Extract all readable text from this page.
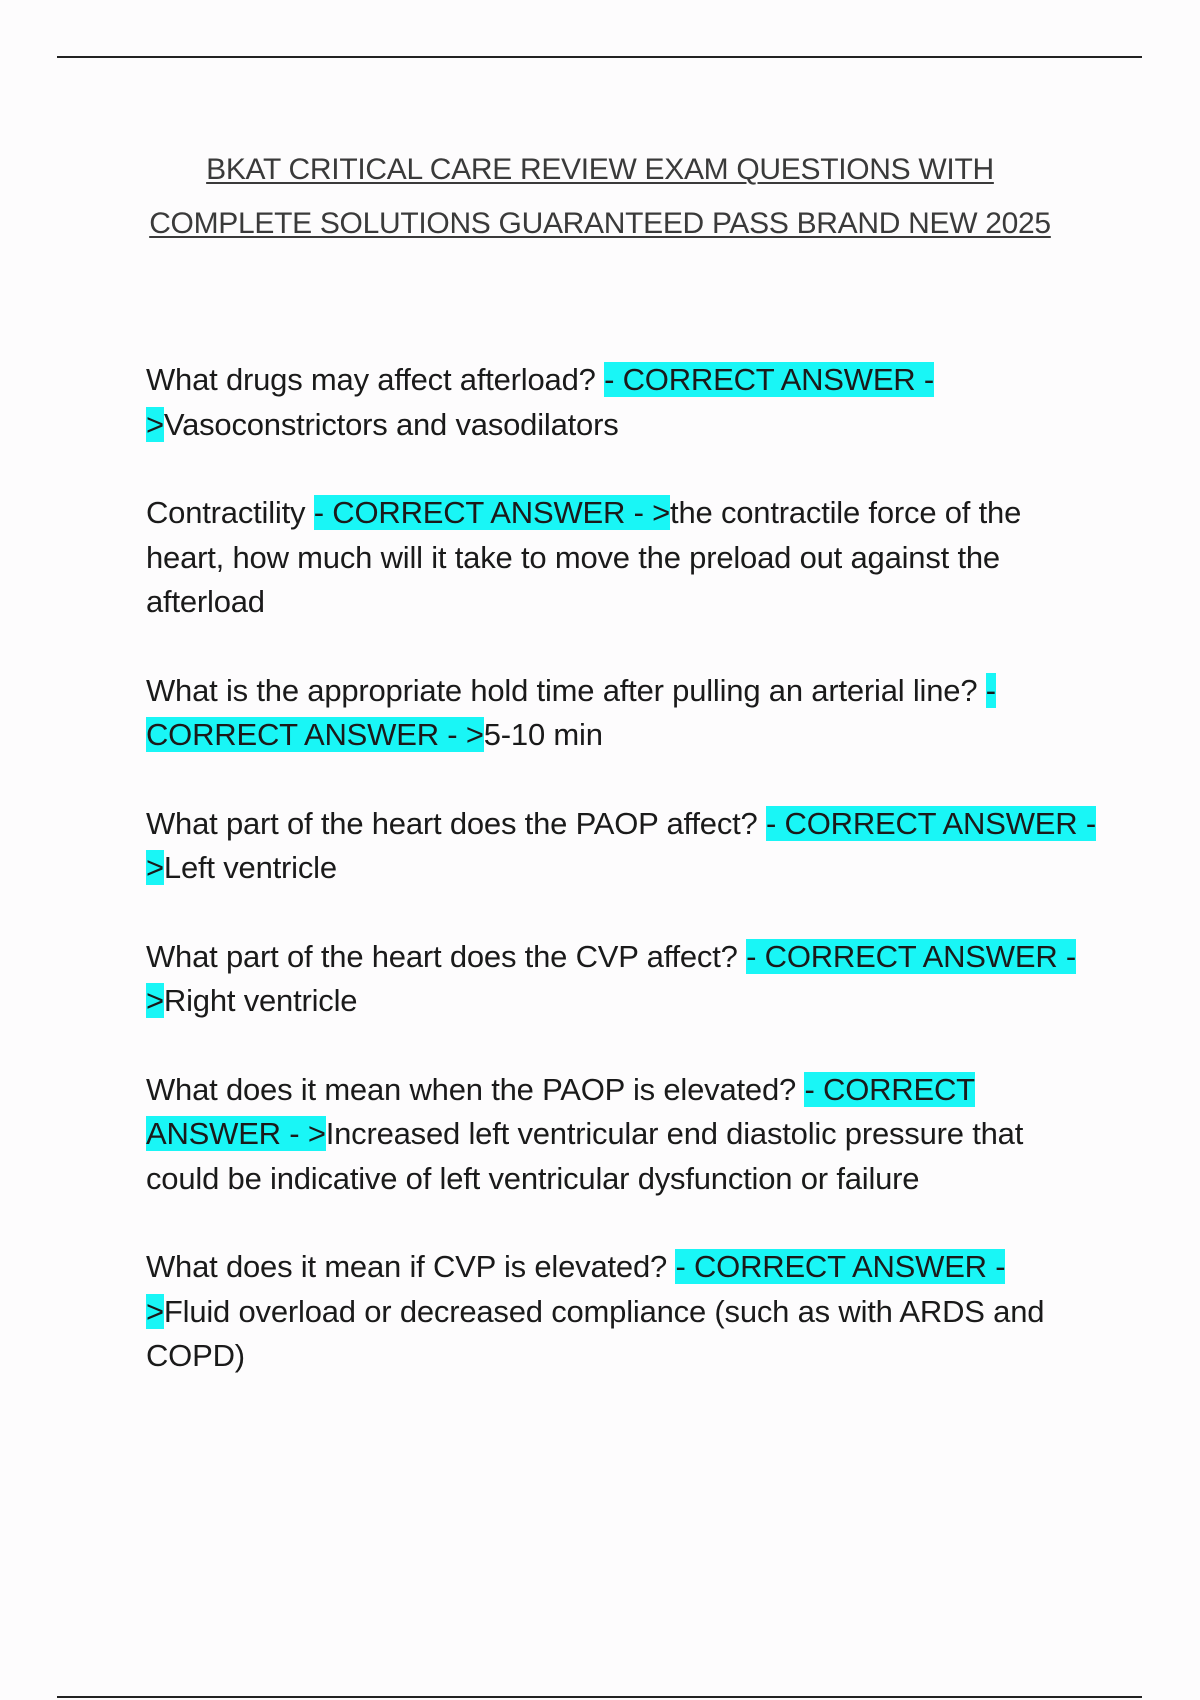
BKAT CRITICAL CARE REVIEW EXAM QUESTIONS WITH
COMPLETE SOLUTIONS GUARANTEED PASS BRAND NEW 2025

What drugs may affect afterload? - CORRECT ANSWER - >Vasoconstrictors and vasodilators

Contractility - CORRECT ANSWER - >the contractile force of the heart, how much will it take to move the preload out against the afterload

What is the appropriate hold time after pulling an arterial line? - CORRECT ANSWER - >5-10 min

What part of the heart does the PAOP affect? - CORRECT ANSWER - >Left ventricle

What part of the heart does the CVP affect? - CORRECT ANSWER - >Right ventricle

What does it mean when the PAOP is elevated? - CORRECT ANSWER - >Increased left ventricular end diastolic pressure that could be indicative of left ventricular dysfunction or failure

What does it mean if CVP is elevated? - CORRECT ANSWER - >Fluid overload or decreased compliance (such as with ARDS and COPD)
